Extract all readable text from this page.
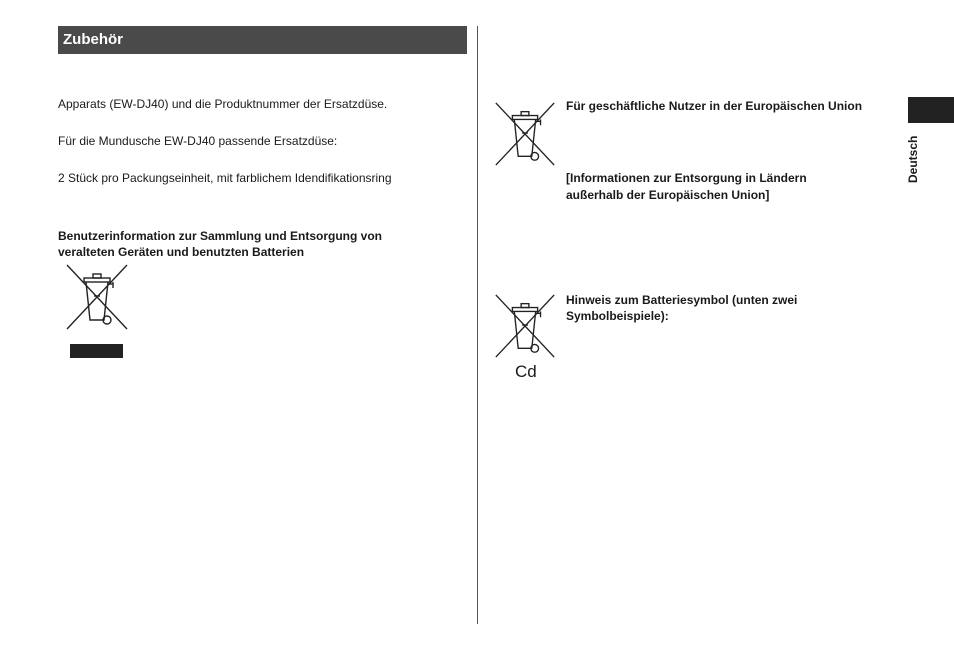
Zubehör
Apparats (EW-DJ40) und die Produktnummer der Ersatzdüse.
Für die Mundusche EW-DJ40 passende Ersatzdüse:
2 Stück pro Packungseinheit, mit farblichem Idendifikationsring
Benutzerinformation zur Sammlung und Entsorgung von
veralteten Geräten und benutzten Batterien
Für geschäftliche Nutzer in der Europäischen Union
[Informationen zur Entsorgung in Ländern
außerhalb der Europäischen Union]
Cd
Hinweis zum Batteriesymbol (unten zwei
Symbolbeispiele):
Deutsch
